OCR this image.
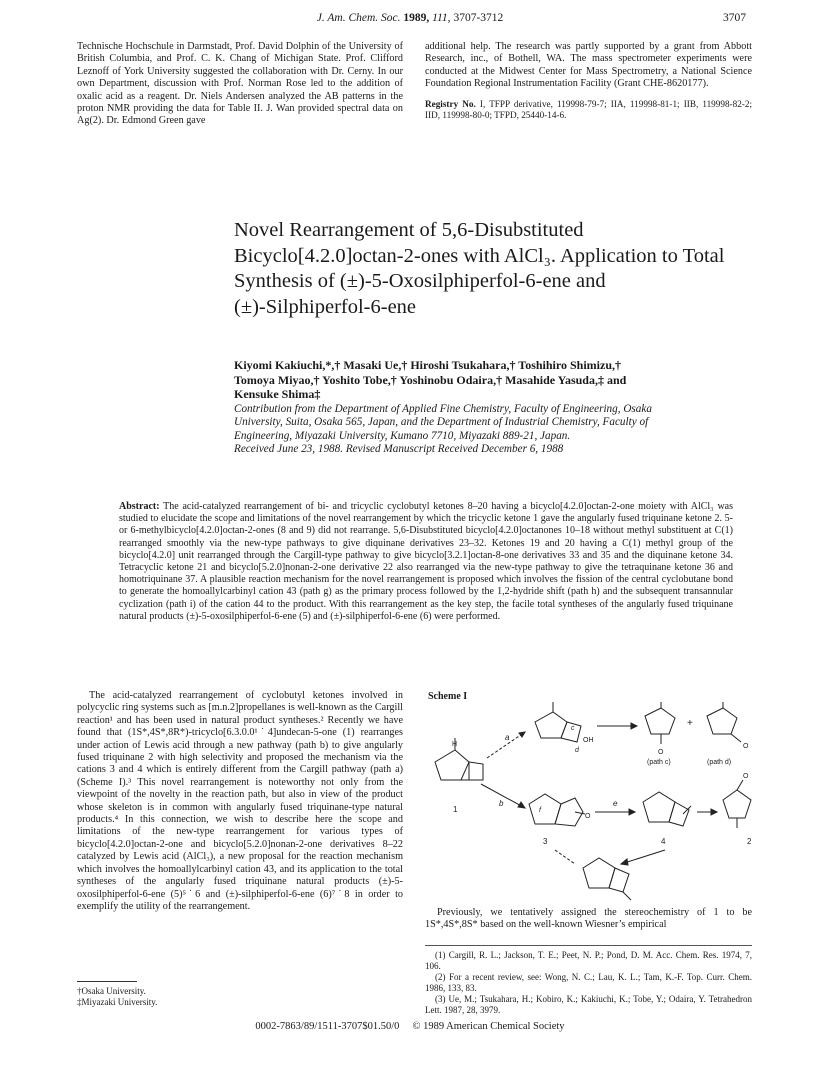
J. Am. Chem. Soc. 1989, 111, 3707-3712	3707

Technische Hochschule in Darmstadt, Prof. David Dolphin of the University of British Columbia, and Prof. C. K. Chang of Michigan State. Prof. Clifford Leznoff of York University suggested the collaboration with Dr. Cerny. In our own Department, discussion with Prof. Norman Rose led to the addition of oxalic acid as a reagent. Dr. Niels Andersen analyzed the AB patterns in the proton NMR providing the data for Table II. J. Wan provided spectral data on Ag(2). Dr. Edmond Green gave

additional help. The research was partly supported by a grant from Abbott Research, inc., of Bothell, WA. The mass spectrometer experiments were conducted at the Midwest Center for Mass Spectrometry, a National Science Foundation Regional Instrumentation Facility (Grant CHE-8620177).

Registry No. I, TFPP derivative, 119998-79-7; IIA, 119998-81-1; IIB, 119998-82-2; IID, 119998-80-0; TFPD, 25440-14-6.

Novel Rearrangement of 5,6-Disubstituted
Bicyclo[4.2.0]octan-2-ones with AlCl₃. Application to Total
Synthesis of (±)-5-Oxosilphiperfol-6-ene and
(±)-Silphiperfol-6-ene
Kiyomi Kakiuchi,*,† Masaki Ue,† Hiroshi Tsukahara,† Toshihiro Shimizu,†
Tomoya Miyao,† Yoshito Tobe,† Yoshinobu Odaira,† Masahide Yasuda,‡ and
Kensuke Shima‡
Contribution from the Department of Applied Fine Chemistry, Faculty of Engineering, Osaka
University, Suita, Osaka 565, Japan, and the Department of Industrial Chemistry, Faculty of
Engineering, Miyazaki University, Kumano 7710, Miyazaki 889-21, Japan.
Received June 23, 1988. Revised Manuscript Received December 6, 1988
Abstract: The acid-catalyzed rearrangement of bi- and tricyclic cyclobutyl ketones 8–20 having a bicyclo[4.2.0]octan-2-one moiety with AlCl₃ was studied to elucidate the scope and limitations of the novel rearrangement by which the tricyclic ketone 1 gave the angularly fused triquinane ketone 2. 5- or 6-methylbicyclo[4.2.0]octan-2-ones (8 and 9) did not rearrange. 5,6-Disubstituted bicyclo[4.2.0]octanones 10–18 without methyl substituent at C(1) rearranged smoothly via the new-type pathways to give diquinane derivatives 23–32. Ketones 19 and 20 having a C(1) methyl group of the bicyclo[4.2.0] unit rearranged through the Cargill-type pathway to give bicyclo[3.2.1]octan-8-one derivatives 33 and 35 and the diquinane ketone 34. Tetracyclic ketone 21 and bicyclo[5.2.0]nonan-2-one derivative 22 also rearranged via the new-type pathway to give the tetraquinane ketone 36 and homotriquinane 37. A plausible reaction mechanism for the novel rearrangement is proposed which involves the fission of the central cyclobutane bond to generate the homoallylcarbinyl cation 43 (path g) as the primary process followed by the 1,2-hydride shift (path h) and the subsequent transannular cyclization (path i) of the cation 44 to the product. With this rearrangement as the key step, the facile total syntheses of the angularly fused triquinane natural products (±)-5-oxosilphiperfol-6-ene (5) and (±)-silphiperfol-6-ene (6) were performed.

The acid-catalyzed rearrangement of cyclobutyl ketones involved in polycyclic ring systems such as [m.n.2]propellanes is well-known as the Cargill reaction¹ and has been used in natural product syntheses.² Recently we have found that (1S*,4S*,8R*)-tricyclo[6.3.0.0¹˙4]undecan-5-one (1) rearranges under action of Lewis acid through a new pathway (path b) to give angularly fused triquinane 2 with high selectivity and proposed the mechanism via the cations 3 and 4 which is entirely different from the Cargill pathway (path a) (Scheme I).³ This novel rearrangement is noteworthy not only from the viewpoint of the novelty in the reaction path, but also in view of the product whose skeleton is in common with angularly fused triquinane-type natural products.⁴ In this connection, we wish to describe here the scope and limitations of the new-type rearrangement for various types of bicyclo[4.2.0]octan-2-one and bicyclo[5.2.0]nonan-2-one derivatives 8–22 catalyzed by Lewis acid (AlCl₃), a new proposal for the reaction mechanism which involves the homoallylcarbinyl cation 43, and its application to the total syntheses of the angularly fused triquinane natural products (±)-5-oxosilphiperfol-6-ene (5)⁵˙6 and (±)-silphiperfol-6-ene (6)⁷˙8 in order to exemplify the utility of the rearrangement.

†Osaka University.
‡Miyazaki University.
Scheme I
1
H
a
c
d
OH
O
(path c)
+
O
(path d)
b
f
O
3
e
4
O
2

Previously, we tentatively assigned the stereochemistry of 1 to be 1S*,4S*,8S* based on the well-known Wiesner’s empirical

(1) Cargill, R. L.; Jackson, T. E.; Peet, N. P.; Pond, D. M. Acc. Chem. Res. 1974, 7, 106.

(2) For a recent review, see: Wong, N. C.; Lau, K. L.; Tam, K.-F. Top. Curr. Chem. 1986, 133, 83.

(3) Ue, M.; Tsukahara, H.; Kobiro, K.; Kakiuchi, K.; Tobe, Y.; Odaira, Y. Tetrahedron Lett. 1987, 28, 3979.

0002-7863/89/1511-3707$01.50/0 © 1989 American Chemical Society
